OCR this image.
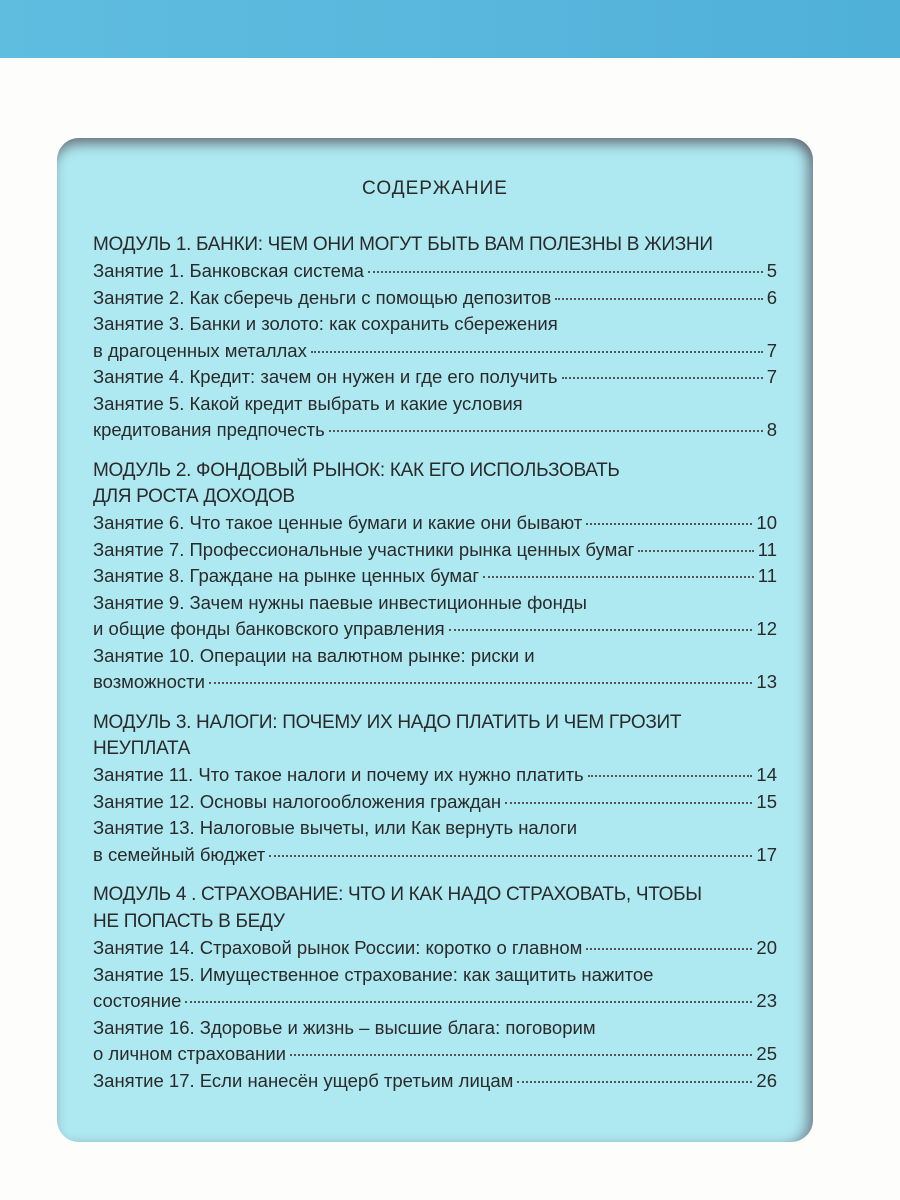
СОДЕРЖАНИЕ
МОДУЛЬ 1. БАНКИ: ЧЕМ ОНИ МОГУТ БЫТЬ ВАМ ПОЛЕЗНЫ В ЖИЗНИ
Занятие 1. Банковская система	5
Занятие 2. Как сберечь деньги с помощью депозитов	6
Занятие 3. Банки и золото: как сохранить сбережения
в драгоценных металлах	7
Занятие 4. Кредит: зачем он нужен и где его получить	7
Занятие 5. Какой кредит выбрать и какие условия
кредитования предпочесть	8
МОДУЛЬ 2. ФОНДОВЫЙ РЫНОК: КАК ЕГО ИСПОЛЬЗОВАТЬ
ДЛЯ РОСТА ДОХОДОВ
Занятие 6. Что такое ценные бумаги и какие они бывают	10
Занятие 7. Профессиональные участники рынка ценных бумаг	11
Занятие 8. Граждане на рынке ценных бумаг	11
Занятие 9. Зачем нужны паевые инвестиционные фонды
и общие фонды банковского управления	12
Занятие 10. Операции на валютном рынке: риски и
возможности	13
МОДУЛЬ 3. НАЛОГИ: ПОЧЕМУ ИХ НАДО ПЛАТИТЬ И ЧЕМ ГРОЗИТ
НЕУПЛАТА
Занятие 11. Что такое налоги и почему их нужно платить	14
Занятие 12. Основы налогообложения граждан	15
Занятие 13. Налоговые вычеты, или Как вернуть налоги
в семейный бюджет	17
МОДУЛЬ 4 . СТРАХОВАНИЕ: ЧТО И КАК НАДО СТРАХОВАТЬ, ЧТОБЫ
НЕ ПОПАСТЬ В БЕДУ
Занятие 14. Страховой рынок России: коротко о главном	20
Занятие 15. Имущественное страхование: как защитить нажитое
состояние	23
Занятие 16. Здоровье и жизнь – высшие блага: поговорим
о личном страховании	25
Занятие 17. Если нанесён ущерб третьим лицам	26
